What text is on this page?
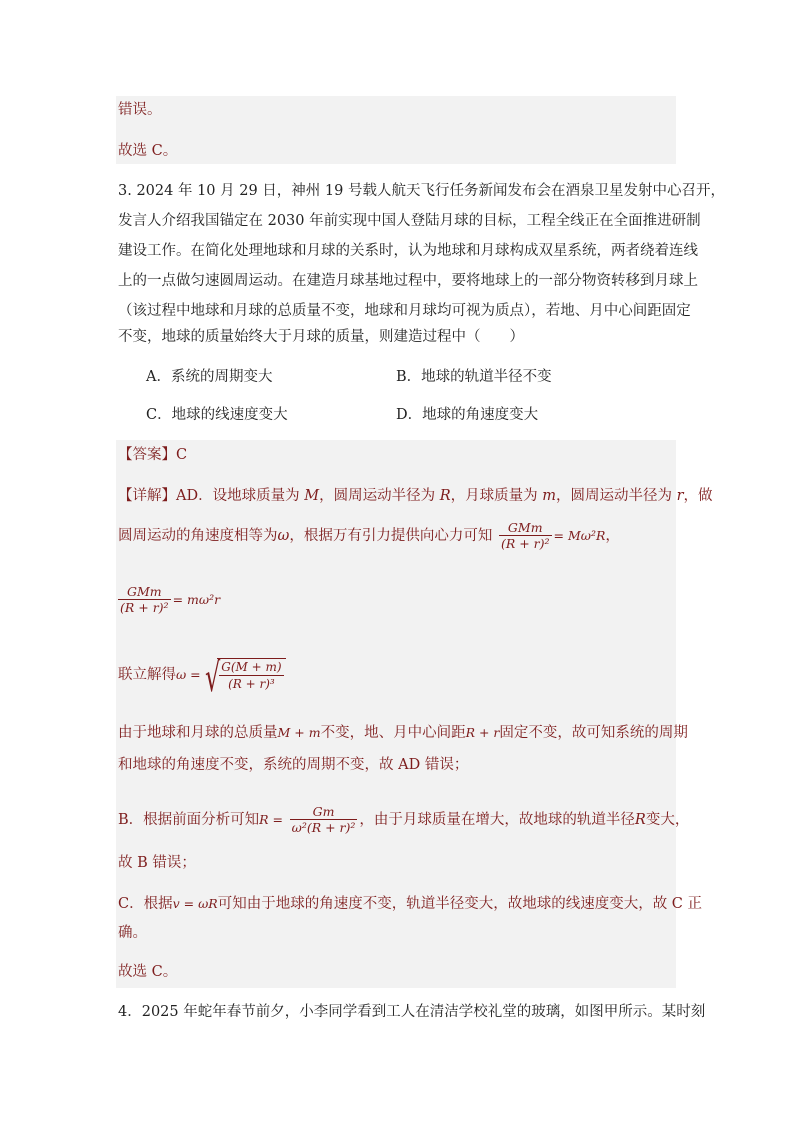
错误。
故选 C。
3. 2024 年 10 月 29 日，神州 19 号载人航天飞行任务新闻发布会在酒泉卫星发射中心召开，
发言人介绍我国锚定在 2030 年前实现中国人登陆月球的目标，工程全线正在全面推进研制
建设工作。在简化处理地球和月球的关系时，认为地球和月球构成双星系统，两者绕着连线
上的一点做匀速圆周运动。在建造月球基地过程中，要将地球上的一部分物资转移到月球上
（该过程中地球和月球的总质量不变，地球和月球均可视为质点），若地、月中心间距固定
不变，地球的质量始终大于月球的质量，则建造过程中（　　）
A．系统的周期变大	B．地球的轨道半径不变
C．地球的线速度变大	D．地球的角速度变大
【答案】C
【详解】AD．设地球质量为 M，圆周运动半径为 R，月球质量为 m，圆周运动半径为 r，做
圆周运动的角速度相等为ω，根据万有引力提供向心力可知 $\frac{\text{GMm}}{\text{(R + r)²}} = M\omega^2R$，
$\frac{\text{GMm}}{\text{(R + r)²}} = m\omega^2r$
联立解得ω = √
$\frac{G(M + m)}{\text{(R + r)³}}$
由于地球和月球的总质量M + m不变，地、月中心间距R + r固定不变，故可知系统的周期
和地球的角速度不变，系统的周期不变，故 AD 错误；
B．根据前面分析可知$R = \frac{Gm}{\text{ω²(R + r)²}}$ ，由于月球质量在增大，故地球的轨道半径R变大，
故 B 错误；
C．根据v = ωR可知由于地球的角速度不变，轨道半径变大，故地球的线速度变大，故 C 正
确。
故选 C。
4．2025 年蛇年春节前夕，小李同学看到工人在清洁学校礼堂的玻璃，如图甲所示。某时刻
